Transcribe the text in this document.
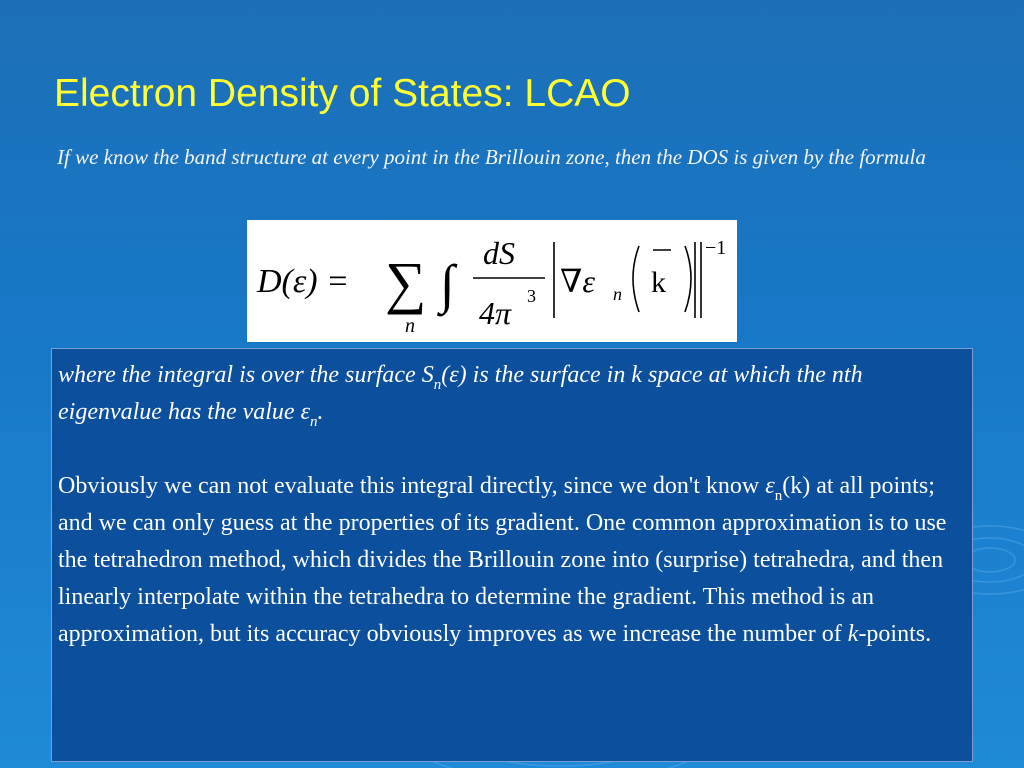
Electron Density of States: LCAO

If we know the band structure at every point in the Brillouin zone, then the DOS is given by the formula

D(ε) = ∑
n
∫
dS
4π 3 ∇ε n k
−1

where the integral is over the surface $S_n(\varepsilon)$ is the surface in k space at which the nth eigenvalue has the value $\varepsilon_n$.

Obviously we can not evaluate this integral directly, since we don't know $\varepsilon_n(k)$ at all points; and we can only guess at the properties of its gradient. One common approximation is to use the tetrahedron method, which divides the Brillouin zone into (surprise) tetrahedra, and then linearly interpolate within the tetrahedra to determine the gradient. This method is an approximation, but its accuracy obviously improves as we increase the number of k-points.
